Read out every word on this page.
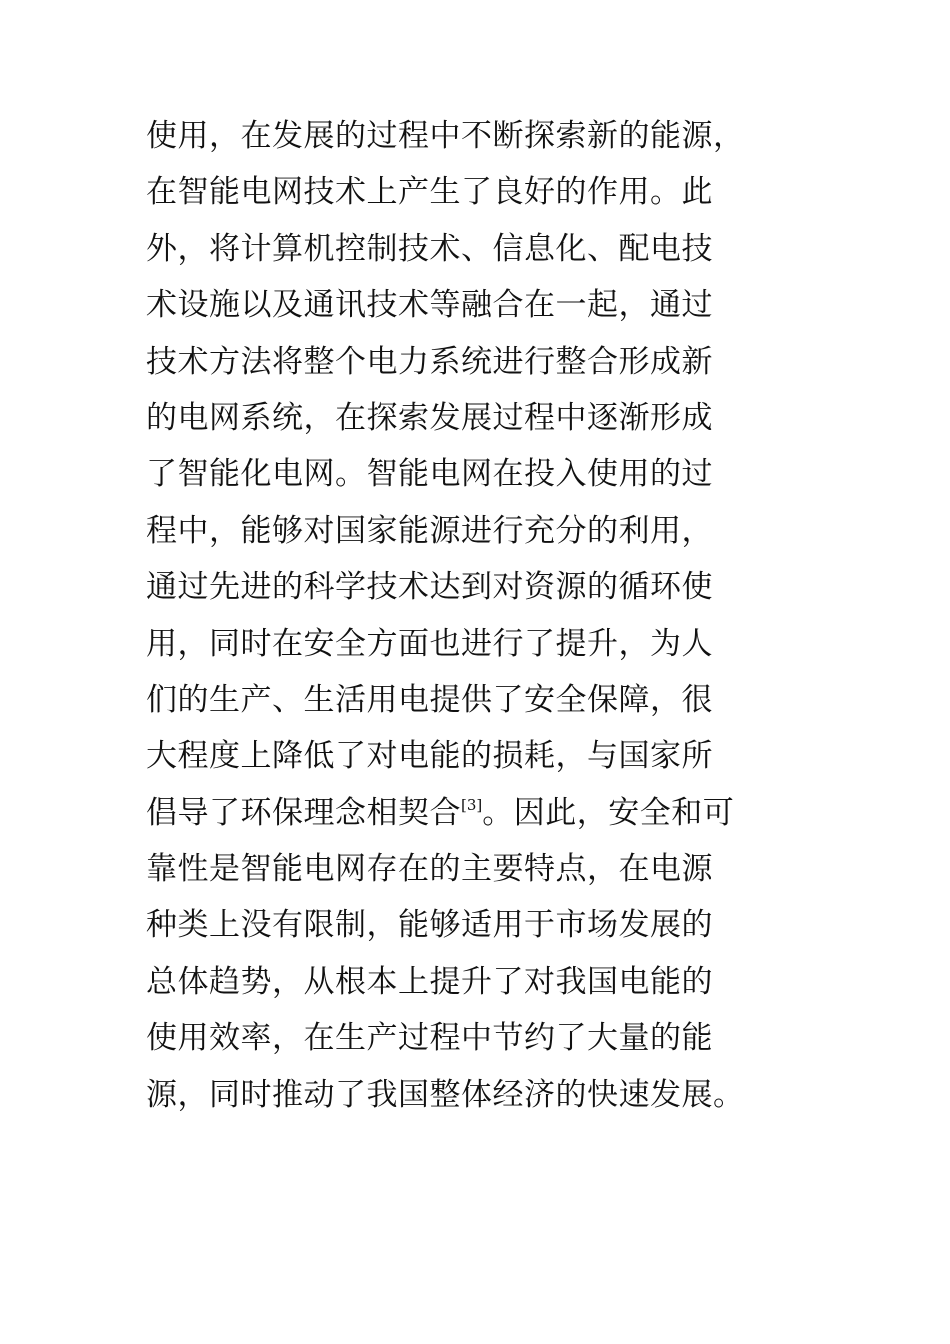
使用，在发展的过程中不断探索新的能源，
在智能电网技术上产生了良好的作用。此
外，将计算机控制技术、信息化、配电技
术设施以及通讯技术等融合在一起，通过
技术方法将整个电力系统进行整合形成新
的电网系统，在探索发展过程中逐渐形成
了智能化电网。智能电网在投入使用的过
程中，能够对国家能源进行充分的利用，
通过先进的科学技术达到对资源的循环使
用，同时在安全方面也进行了提升，为人
们的生产、生活用电提供了安全保障，很
大程度上降低了对电能的损耗，与国家所
倡导了环保理念相契合[3]。因此，安全和可
靠性是智能电网存在的主要特点，在电源
种类上没有限制，能够适用于市场发展的
总体趋势，从根本上提升了对我国电能的
使用效率，在生产过程中节约了大量的能
源，同时推动了我国整体经济的快速发展。
